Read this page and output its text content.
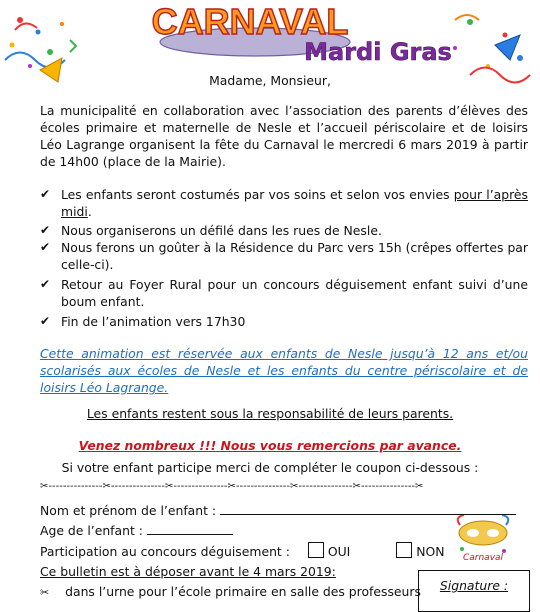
CARNAVAL
Mardi Gras
Madame, Monsieur,
La municipalité en collaboration avec l’association des parents d’élèves des écoles primaire et maternelle de Nesle et l’accueil périscolaire et de loisirs Léo Lagrange organisent la fête du Carnaval le mercredi 6 mars 2019 à partir de 14h00 (place de la Mairie).
✔ Les enfants seront costumés par vos soins et selon vos envies pour l’après midi.
✔ Nous organiserons un défilé dans les rues de Nesle.
✔ Nous ferons un goûter à la Résidence du Parc vers 15h (crêpes offertes par celle-ci).
✔ Retour au Foyer Rural pour un concours déguisement enfant suivi d’une boum enfant.
✔ Fin de l’animation vers 17h30
Cette animation est réservée aux enfants de Nesle jusqu’à 12 ans et/ou scolarisés aux écoles de Nesle et les enfants du centre périscolaire et de loisirs Léo Lagrange.
Les enfants restent sous la responsabilité de leurs parents.
Venez nombreux !!! Nous vous remercions par avance.
Si votre enfant participe merci de compléter le coupon ci-dessous :
✂---------------✂---------------✂---------------✂---------------✂---------------✂---------------✂
Nom et prénom de l’enfant :
Age de l’enfant :
Participation au concours déguisement :	OUI	NON
Ce bulletin est à déposer avant le 4 mars 2019:
✂ dans l’urne pour l’école primaire en salle des professeurs
Carnaval
Signature :
